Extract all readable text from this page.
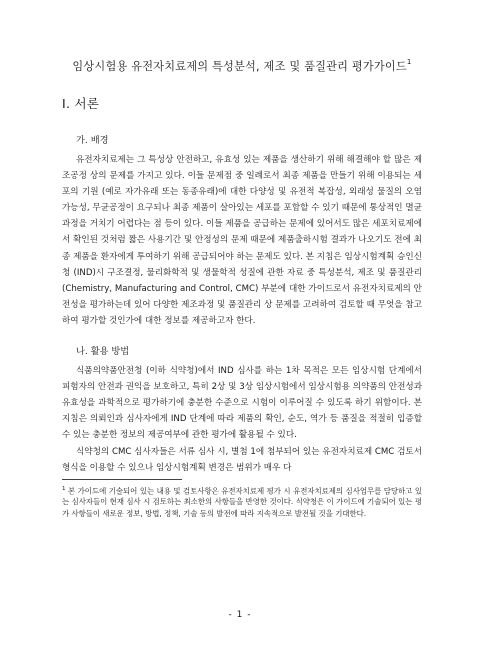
임상시험용 유전자치료제의 특성분석, 제조 및 품질관리 평가가이드$^1$
Ⅰ. 서론
가. 배경

유전자치료제는 그 특성상 안전하고, 유효성 있는 제품을 생산하기 위해 해결해야 할 많은 제조공정 상의 문제를 가지고 있다. 이들 문제점 중 일례로서 최종 제품을 만들기 위해 이용되는 세포의 기원 (예로 자가유래 또는 동종유래)에 대한 다양성 및 유전적 복잡성, 외래성 물질의 오염 가능성, 무균공정이 요구되나 최종 제품이 살아있는 세포를 포함할 수 있기 때문에 통상적인 멸균과정을 거치기 어렵다는 점 등이 있다. 이들 제품을 공급하는 문제에 있어서도 많은 세포치료제에서 확인된 것처럼 짧은 사용기간 및 안정성의 문제 때문에 제품출하시험 결과가 나오기도 전에 최종 제품을 환자에게 투여하기 위해 공급되어야 하는 문제도 있다. 본 지침은 임상시험계획 승인신청 (IND)시 구조결정, 물리화학적 및 생물학적 성질에 관한 자료 중 특성분석, 제조 및 품질관리 (Chemistry, Manufacturing and Control, CMC) 부분에 대한 가이드로서 유전자치료제의 안전성을 평가하는데 있어 다양한 제조과정 및 품질관리 상 문제를 고려하여 검토할 때 무엇을 참고하여 평가할 것인가에 대한 정보를 제공하고자 한다.

나. 활용 방법

식품의약품안전청 (이하 식약청)에서 IND 심사를 하는 1차 목적은 모든 임상시험 단계에서 피험자의 안전과 권익을 보호하고, 특히 2상 및 3상 임상시험에서 임상시험용 의약품의 안전성과 유효성을 과학적으로 평가하기에 충분한 수준으로 시험이 이루어질 수 있도록 하기 위함이다. 본 지침은 의뢰인과 심사자에게 IND 단계에 따라 제품의 확인, 순도, 역가 등 품질을 적절히 입증할 수 있는 충분한 정보의 제공여부에 관한 평가에 활용될 수 있다.

식약청의 CMC 심사자들은 서류 심사 시, 별첨 1에 첨부되어 있는 유전자치료제 CMC 검토서 형식을 이용할 수 있으나 임상시험계획 변경은 범위가 매우 다

$^1$ 본 가이드에 기술되어 있는 내용 및 검토사항은 유전자치료제 평가 시 유전자치료제의 심사업무를 담당하고 있는 심사자들이 현재 심사 시 검토하는 최소한의 사항들을 반영한 것이다. 식약청은 이 가이드에 기술되어 있는 평가 사항들이 새로운 정보, 방법, 정책, 기술 등의 발전에 따라 지속적으로 발전될 것을 기대한다.

- 1 -
